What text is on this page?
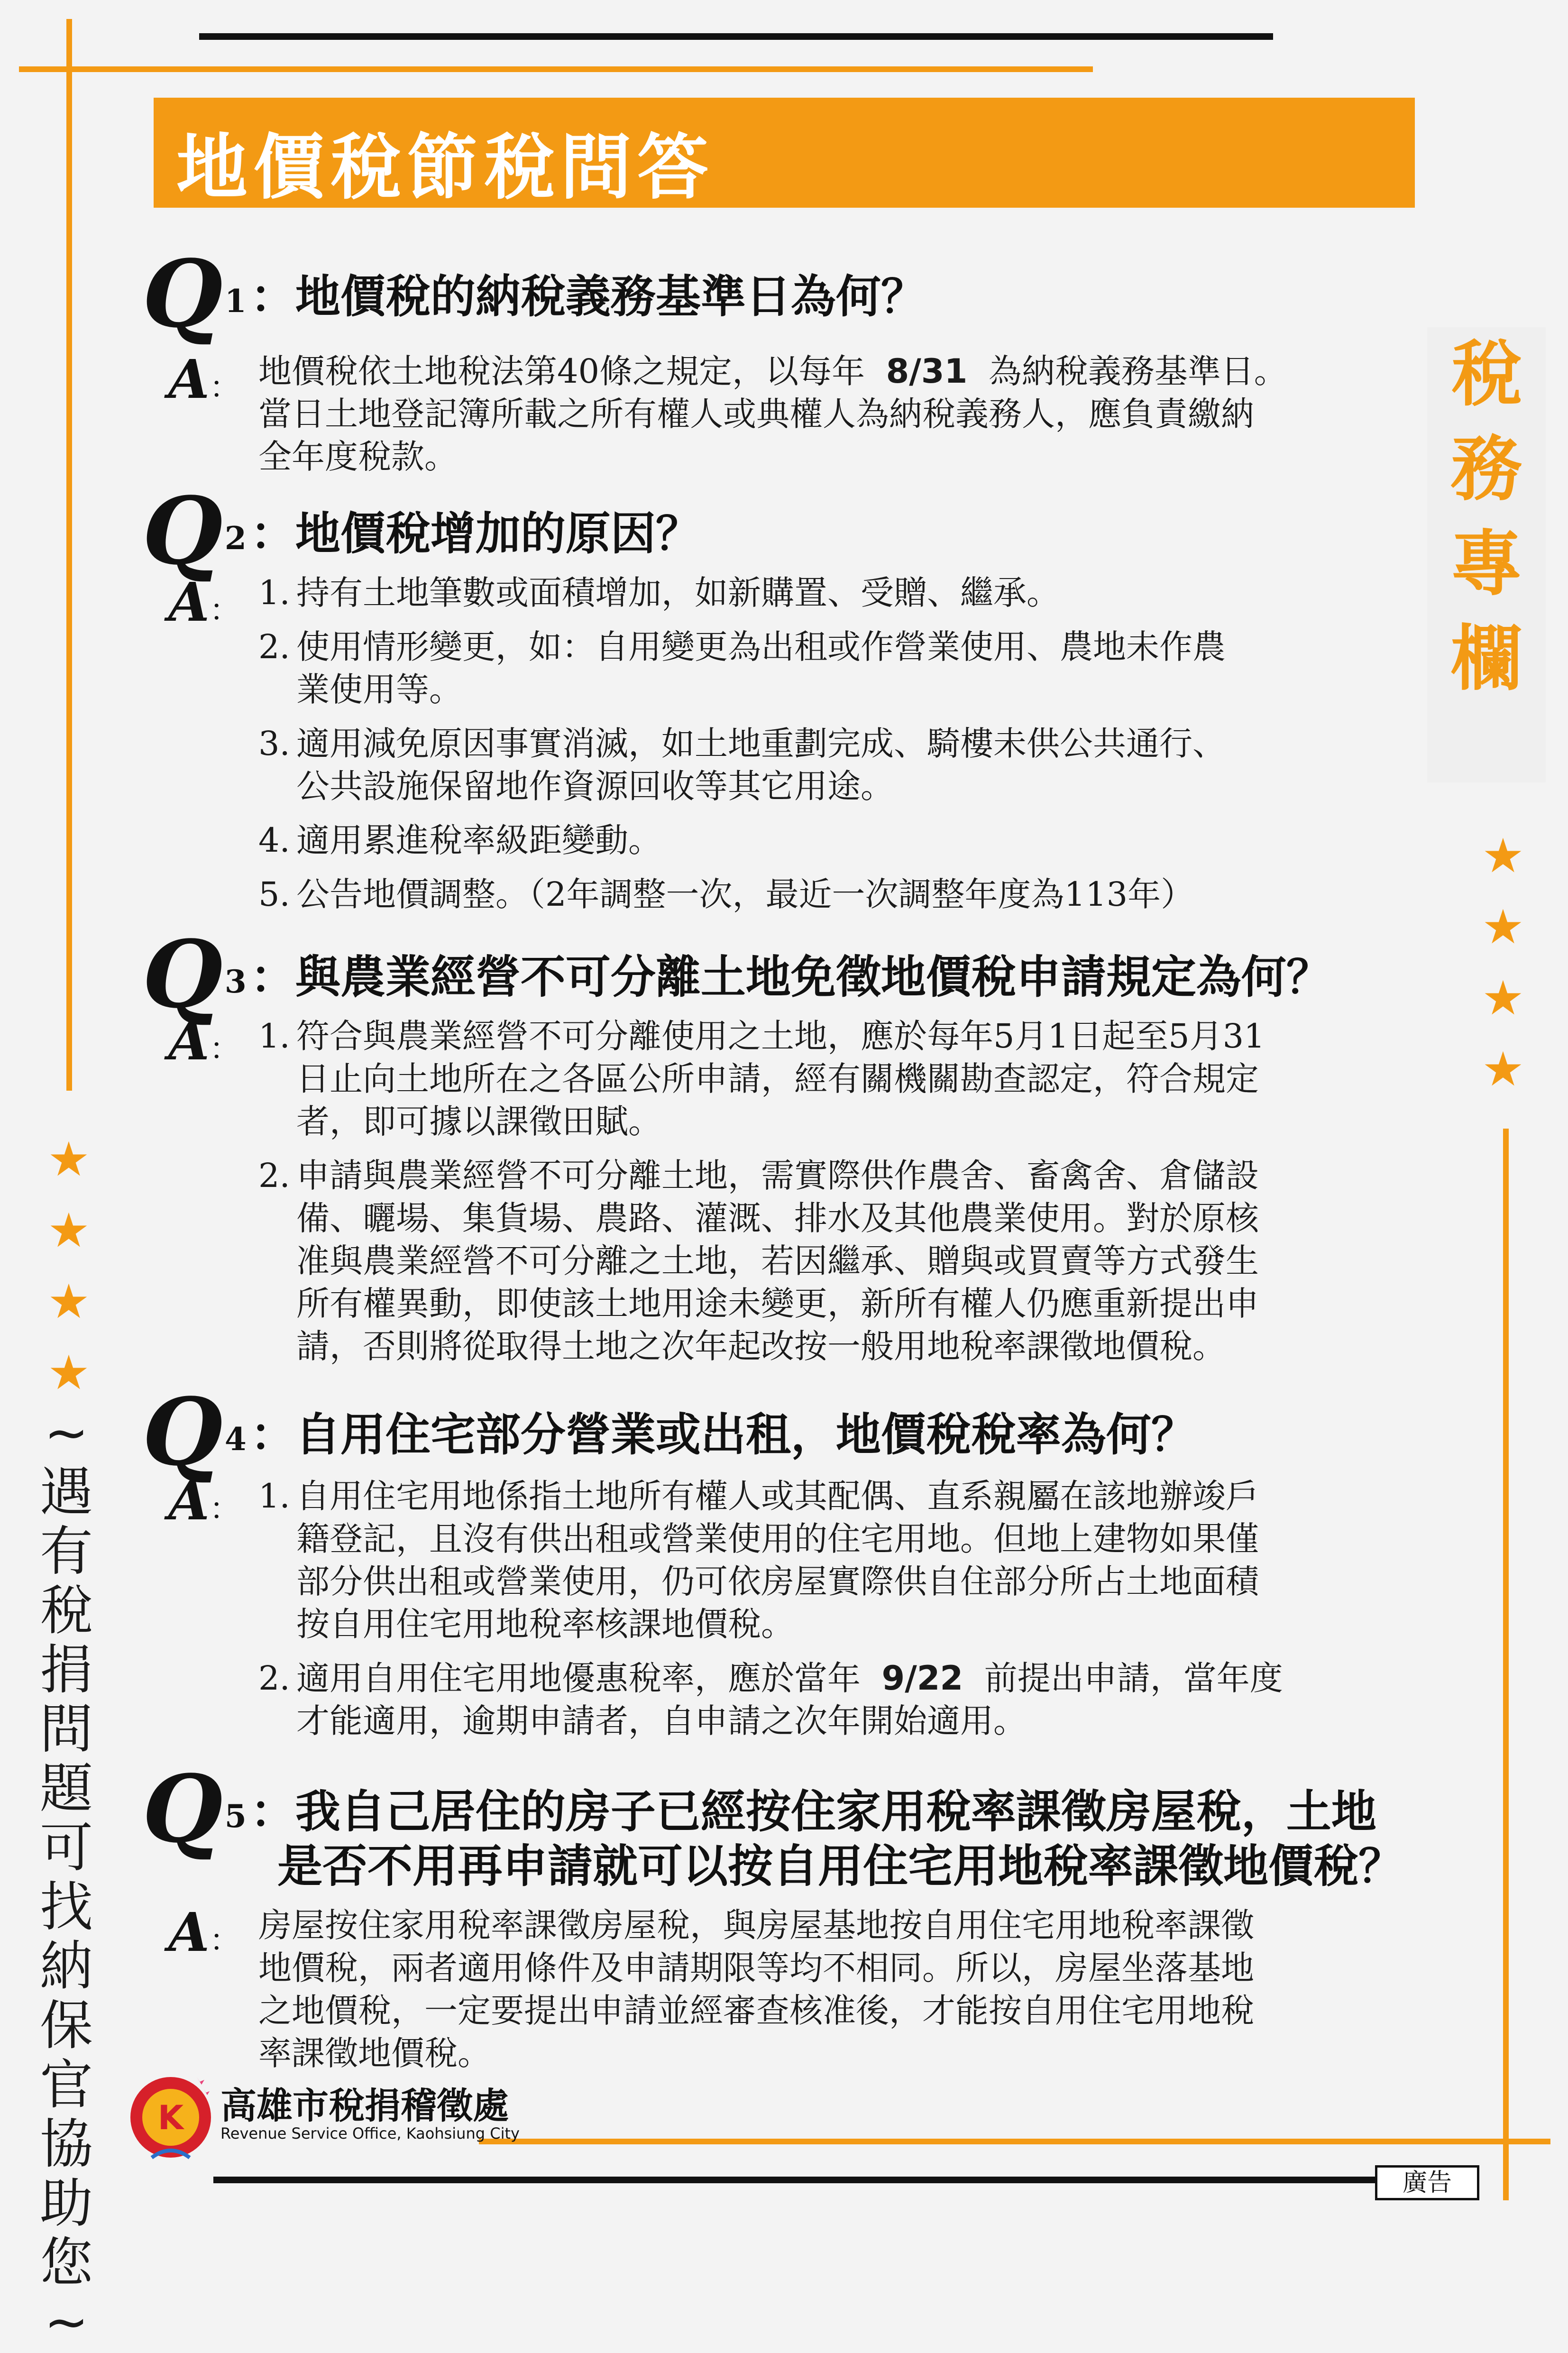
地價稅節稅問答
稅
務
專
欄
★
★
★
★
★
★
★
★
~
遇
有
稅
捐
問
題
可
找
納
保
官
協
助
您
~
Q1：地價稅的納稅義務基準日為何？
A： 地價稅依土地稅法第40條之規定，以每年 8/31 為納稅義務基準日。
當日土地登記簿所載之所有權人或典權人為納稅義務人，應負責繳納
全年度稅款。
Q2：地價稅增加的原因？
A： 1. 持有土地筆數或面積增加，如新購置、受贈、繼承。
2. 使用情形變更，如：自用變更為出租或作營業使用、農地未作農
業使用等。
3. 適用減免原因事實消滅，如土地重劃完成、騎樓未供公共通行、
公共設施保留地作資源回收等其它用途。
4. 適用累進稅率級距變動。
5. 公告地價調整。（2年調整一次，最近一次調整年度為113年）
Q3：與農業經營不可分離土地免徵地價稅申請規定為何？
A： 1. 符合與農業經營不可分離使用之土地，應於每年5月1日起至5月31
日止向土地所在之各區公所申請，經有關機關勘查認定，符合規定
者，即可據以課徵田賦。
2. 申請與農業經營不可分離土地，需實際供作農舍、畜禽舍、倉儲設
備、曬場、集貨場、農路、灌溉、排水及其他農業使用。對於原核
准與農業經營不可分離之土地，若因繼承、贈與或買賣等方式發生
所有權異動，即使該土地用途未變更，新所有權人仍應重新提出申
請，否則將從取得土地之次年起改按一般用地稅率課徵地價稅。
Q4：自用住宅部分營業或出租，地價稅稅率為何？
A： 1. 自用住宅用地係指土地所有權人或其配偶、直系親屬在該地辦竣戶
籍登記，且沒有供出租或營業使用的住宅用地。但地上建物如果僅
部分供出租或營業使用，仍可依房屋實際供自住部分所占土地面積
按自用住宅用地稅率核課地價稅。
2. 適用自用住宅用地優惠稅率，應於當年 9/22 前提出申請，當年度
才能適用，逾期申請者，自申請之次年開始適用。
Q5：我自己居住的房子已經按住家用稅率課徵房屋稅，土地
是否不用再申請就可以按自用住宅用地稅率課徵地價稅？
A： 房屋按住家用稅率課徵房屋稅，與房屋基地按自用住宅用地稅率課徵
地價稅，兩者適用條件及申請期限等均不相同。所以，房屋坐落基地
之地價稅，一定要提出申請並經審查核准後，才能按自用住宅用地稅
率課徵地價稅。
K 高雄市稅捐稽徵處
Revenue Service Office, Kaohsiung City
廣告
